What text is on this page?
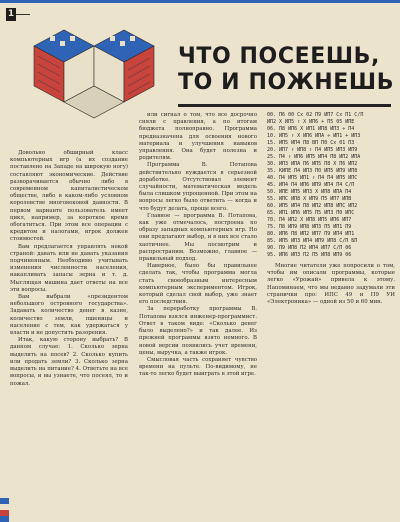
1
ЧТО ПОСЕЕШЬ,
ТО И ПОЖНЕШЬ

Довольно обширный класс компьютерных игр (а их создание поставлено на Западе на широкую ногу) составляют экономические. Действие разворачивается обычно либо в современном капиталистическом обществе, либо в каком-либо условном королевстве многовековой давности. В первом варианте пользователь имеет цикл, например, за короткое время обогатиться. При этом все операции с кредитом и налогами, игрок должен стоимостей.

Вам предлагается управлять некой страной: давать или не давать указания подчиненным. Необходимо учитывать изменения численности населения, накапливать запасы зерна и т. д. Мыслящая машина дает ответы на все эти вопросы.

Вам выбрали «президентом небольшого островного государства». Задавать количество денег в казне, количество земли, пшеницы и население с тем, как удержаться у власти и не допустить разорения.

Итак, какую сторону выбрать? В данном случае: 1. Сколько зерна выделить на посев? 2. Сколько купить или продать земли? 3. Сколько зерна выделить на питание? 4. Ответьте на все вопросы, и вы узнаете, что посеял, то и пожал.

или сигнал о том, что все досрочно сняли с правления, а по итогам бюджета полноправно. Программа предназначена для освоения нового материала и улучшения навыков управления. Она будет полезна и родителям.

Программа В. Потапова действительно нуждается в серьезной доработке. Отсутствовал элемент случайности, математическая модель была слишком упрощенной. При этом на вопросы легко было ответить — когда и что будут делать, проще всего.

Главное — программа В. Потапова, как уже отмечалось, построена по образу западных компьютерных игр. Но они предлагают выбор, и в них все стало хаотичнее. Мы посмотрим и распространим. Возможно, главное — правильный подход.

Наверное, было бы правильнее сделать так, чтобы программа могла стать своеобразным интересным компьютерным экспериментом. Игрок, который сделал свой выбор, уже знает его последствия.

За переработку программы В. Потапова взялся инженер-программист. Ответ в таком виде: «Сколько денег было выделено?» и так далее. Из прежней программы взято немного. В новой версии появились учет времени, цены, выручка, а также игрок.

Смысловая часть сохраняет чувство времени на пульте. По-видимому, не так-то легко будет выиграть в этой игре.

00. П6 00 Сх 02 П9 ИП7 Сх П1 С/П
ИП2 Х ИП5 ↑ Х ИП6 + П5 05 ИПЕ
06. П8 ИП6 Х ИП1 ИП8 ИП3 ÷ П4
10. ИП5 ↑ Х ИП6 ИПА ÷ ИП1 + ИП3
15. ИП5 ИП4 П8 ВП П0 Сх 01 П3
20. ИП7 ↑ ИП8 ↑ П4 ИП5 ИП3 ИП9
25. П4 ↑ ИП6 ИП5 ИП4 П8 ИП2 ИПА
30. ИП3 ИПА П6 ИП5 П8 Х П6 ИП2
35. КИПЕ П4 ИП3 П0 ИП5 ИП9 ИП8
40. П4 ИП5 ИП1 ↑ П4 П4 ИП5 ИПС
45. ИП4 П4 ИП6 ИП9 ИП4 П4 С/П
50. ИПЕ ИП5 ИП3 Х ИП8 ИПА П4
55. ИПС ИП8 Х ИП9 П5 ИП7 ИПВ
60. ИП5 ИП4 П8 ИП2 ИП8 ИПС ИП2
65. ИП1 ИП6 ИП5 П5 ИП3 П0 ИПС
70. П4 ИП2 Х ИП8 ИП5 ИП6 ИП7
75. П8 ИП9 ИП8 ИП3 П5 ИП1 П9
80. ИП6 П8 ИП2 ИП7 П9 ИП4 ИП1
85. ИП5 ИП3 ИП4 ИП9 ИП8 С/П БП
90. П9 ИП8 П2 ИП4 ИП7 С/П 06
95. ИП6 ИП3 П2 П5 ИП8 ИП9 06

Многие читатели уже попросили о том, чтобы им описали программы, которые легко «Урожай» привела к этому. Напоминаем, что мы недавно задумали эти странички про: ИПС 49 и П9 УИ «Электроника» — одной из 50 и 60 мин.
